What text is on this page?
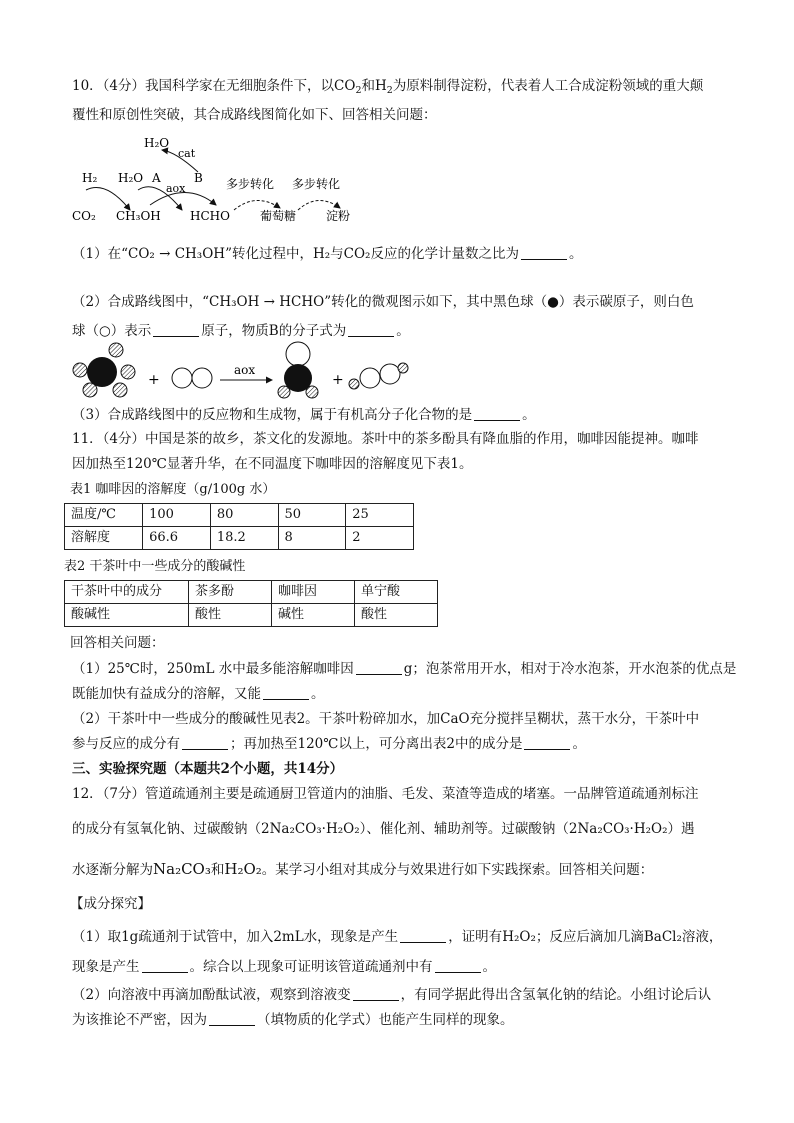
10．（4分）我国科学家在无细胞条件下，以$CO_2$和$H_2$为原料制得淀粉，代表着人工合成淀粉领域的重大颠
覆性和原创性突破，其合成路线图简化如下、回答相关问题：
H₂O
cat
H₂ H₂O A	B
aox	多步转化 多步转化
CO₂ CH₃OH HCHO	葡萄糖 淀粉
（1）在“CO₂ → CH₃OH”转化过程中，H₂与CO₂反应的化学计量数之比为	。
（2）合成路线图中，“CH₃OH → HCHO”转化的微观图示如下，其中黑色球（●）表示碳原子，则白色
球（○）表示	原子，物质B的分子式为	。
+
aox
+
（3）合成路线图中的反应物和生成物，属于有机高分子化合物的是	。
11．（4分）中国是茶的故乡，茶文化的发源地。茶叶中的茶多酚具有降血脂的作用，咖啡因能提神。咖啡
因加热至120℃显著升华，在不同温度下咖啡因的溶解度见下表1。
表1 咖啡因的溶解度（g/100g 水）
温度/℃	100	80	50	25
溶解度	66.6	18.2	8	2
表2 干茶叶中一些成分的酸碱性
干茶叶中的成分	茶多酚	咖啡因	单宁酸
酸碱性	酸性	碱性	酸性
回答相关问题：
（1）25℃时，250mL 水中最多能溶解咖啡因	g；泡茶常用开水，相对于冷水泡茶，开水泡茶的优点是
既能加快有益成分的溶解，又能	。
（2）干茶叶中一些成分的酸碱性见表2。干茶叶粉碎加水，加CaO充分搅拌呈糊状，蒸干水分，干茶叶中
参与反应的成分有	；再加热至120℃以上，可分离出表2中的成分是	。
三、实验探究题（本题共2个小题，共14分）
12．（7分）管道疏通剂主要是疏通厨卫管道内的油脂、毛发、菜渣等造成的堵塞。一品牌管道疏通剂标注
的成分有氢氧化钠、过碳酸钠（2Na₂CO₃·H₂O₂）、催化剂、辅助剂等。过碳酸钠（2Na₂CO₃·H₂O₂）遇
水逐渐分解为Na₂CO₃和H₂O₂。某学习小组对其成分与效果进行如下实践探索。回答相关问题：
【成分探究】
（1）取1g疏通剂于试管中，加入2mL水，现象是产生	，证明有H₂O₂；反应后滴加几滴BaCl₂溶液，
现象是产生	。综合以上现象可证明该管道疏通剂中有	。
（2）向溶液中再滴加酚酞试液，观察到溶液变	，有同学据此得出含氢氧化钠的结论。小组讨论后认
为该推论不严密，因为	（填物质的化学式）也能产生同样的现象。
